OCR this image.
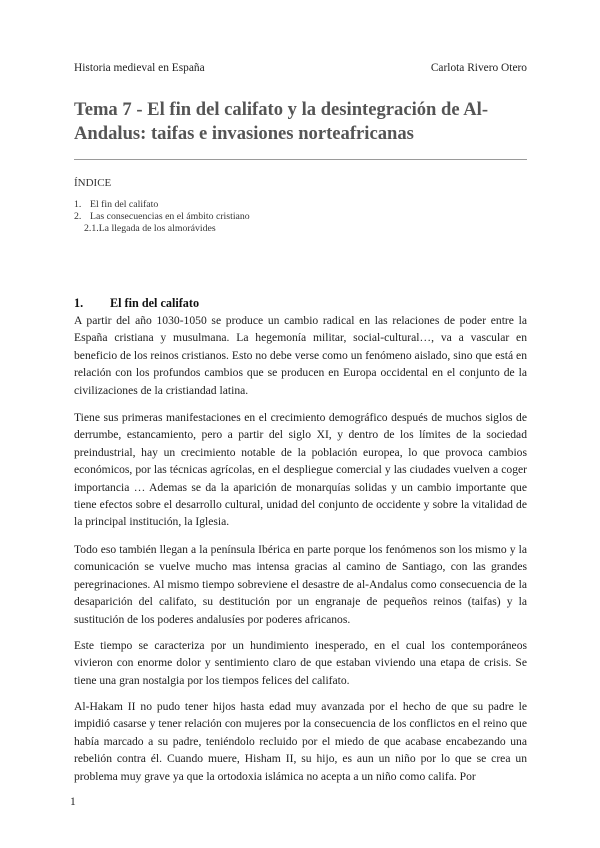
Historia medieval en España	Carlota Rivero Otero
Tema 7 - El fin del califato y la desintegración de Al-Andalus: taifas e invasiones norteafricanas
ÍNDICE
1. El fin del califato
2. Las consecuencias en el ámbito cristiano
2.1.La llegada de los almorávides
1.	El fin del califato

A partir del año 1030-1050 se produce un cambio radical en las relaciones de poder entre la España cristiana y musulmana. La hegemonía militar, social-cultural…, va a vascular en beneficio de los reinos cristianos. Esto no debe verse como un fenómeno aislado, sino que está en relación con los profundos cambios que se producen en Europa occidental en el conjunto de la civilizaciones de la cristiandad latina.

Tiene sus primeras manifestaciones en el crecimiento demográfico después de muchos siglos de derrumbe, estancamiento, pero a partir del siglo XI, y dentro de los límites de la sociedad preindustrial, hay un crecimiento notable de la población europea, lo que provoca cambios económicos, por las técnicas agrícolas, en el despliegue comercial y las ciudades vuelven a coger importancia … Ademas se da la aparición de monarquías solidas y un cambio importante que tiene efectos sobre el desarrollo cultural, unidad del conjunto de occidente y sobre la vitalidad de la principal institución, la Iglesia.

Todo eso también llegan a la península Ibérica en parte porque los fenómenos son los mismo y la comunicación se vuelve mucho mas intensa gracias al camino de Santiago, con las grandes peregrinaciones. Al mismo tiempo sobreviene el desastre de al-Andalus como consecuencia de la desaparición del califato, su destitución por un engranaje de pequeños reinos (taifas) y la sustitución de los poderes andalusíes por poderes africanos.

Este tiempo se caracteriza por un hundimiento inesperado, en el cual los contemporáneos vivieron con enorme dolor y sentimiento claro de que estaban viviendo una etapa de crisis. Se tiene una gran nostalgia por los tiempos felices del califato.

Al-Hakam II no pudo tener hijos hasta edad muy avanzada por el hecho de que su padre le impidió casarse y tener relación con mujeres por la consecuencia de los conflictos en el reino que había marcado a su padre, teniéndolo recluido por el miedo de que acabase encabezando una rebelión contra él. Cuando muere, Hisham II, su hijo, es aun un niño por lo que se crea un problema muy grave ya que la ortodoxia islámica no acepta a un niño como califa. Por

1
